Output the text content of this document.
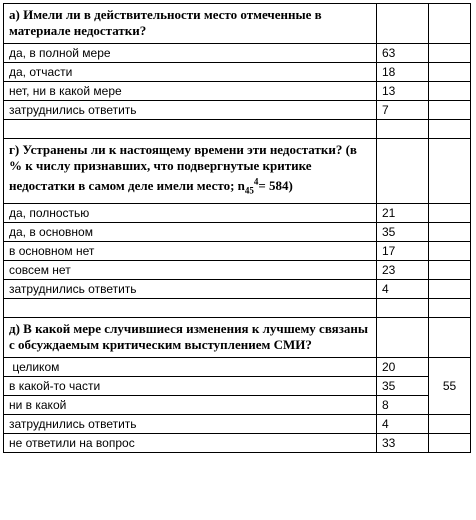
а) Имели ли в действительности место отмеченные в материале недостатки?		
да, в полной мере	63	
да, отчасти	18	
нет, ни в какой мере	13	
затруднились ответить	7	

г) Устранены ли к настоящему времени эти недостатки? (в % к числу признавших, что подвергнутые критике недостатки в самом деле имели место; $n_{45}^4= 584$)		
да, полностью	21	
да, в основном	35	
в основном нет	17	
совсем нет	23	
затруднились ответить	4	

д) В какой мере случившиеся изменения к лучшему связаны с обсуждаемым критическим выступлением СМИ?		
целиком	20	55
в какой-то части	35	
ни в какой	8	
затруднились ответить	4	
не ответили на вопрос	33	
